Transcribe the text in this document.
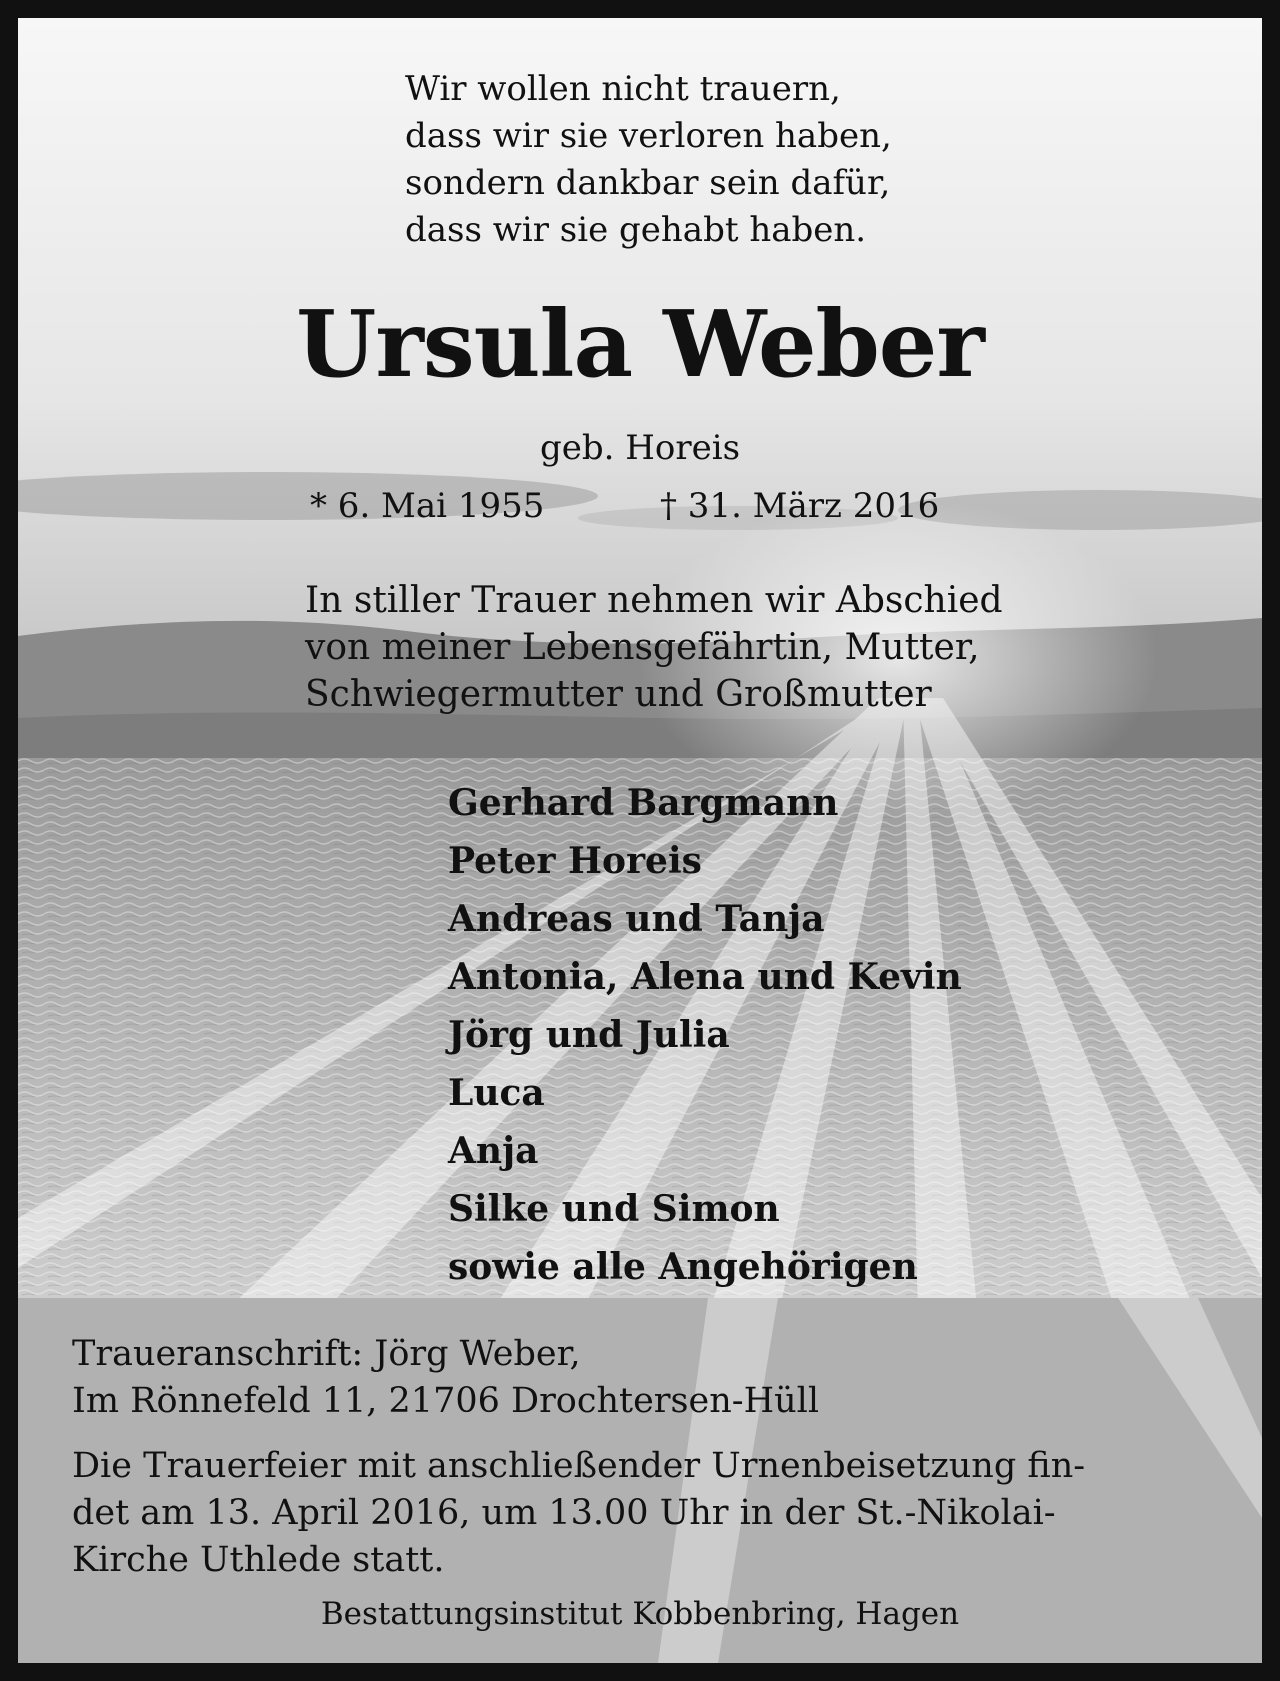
Wir wollen nicht trauern,
dass wir sie verloren haben,
sondern dankbar sein dafür,
dass wir sie gehabt haben.
Ursula Weber
geb. Horeis
* 6. Mai 1955	† 31. März 2016
In stiller Trauer nehmen wir Abschied
von meiner Lebensgefährtin, Mutter,
Schwiegermutter und Großmutter
Gerhard Bargmann
Peter Horeis
Andreas und Tanja
Antonia, Alena und Kevin
Jörg und Julia
Luca
Anja
Silke und Simon
sowie alle Angehörigen
Traueranschrift: Jörg Weber,
Im Rönnefeld 11, 21706 Drochtersen-Hüll
Die Trauerfeier mit anschließender Urnenbeisetzung fin-
det am 13. April 2016, um 13.00 Uhr in der St.-Nikolai-
Kirche Uthlede statt.
Bestattungsinstitut Kobbenbring, Hagen
